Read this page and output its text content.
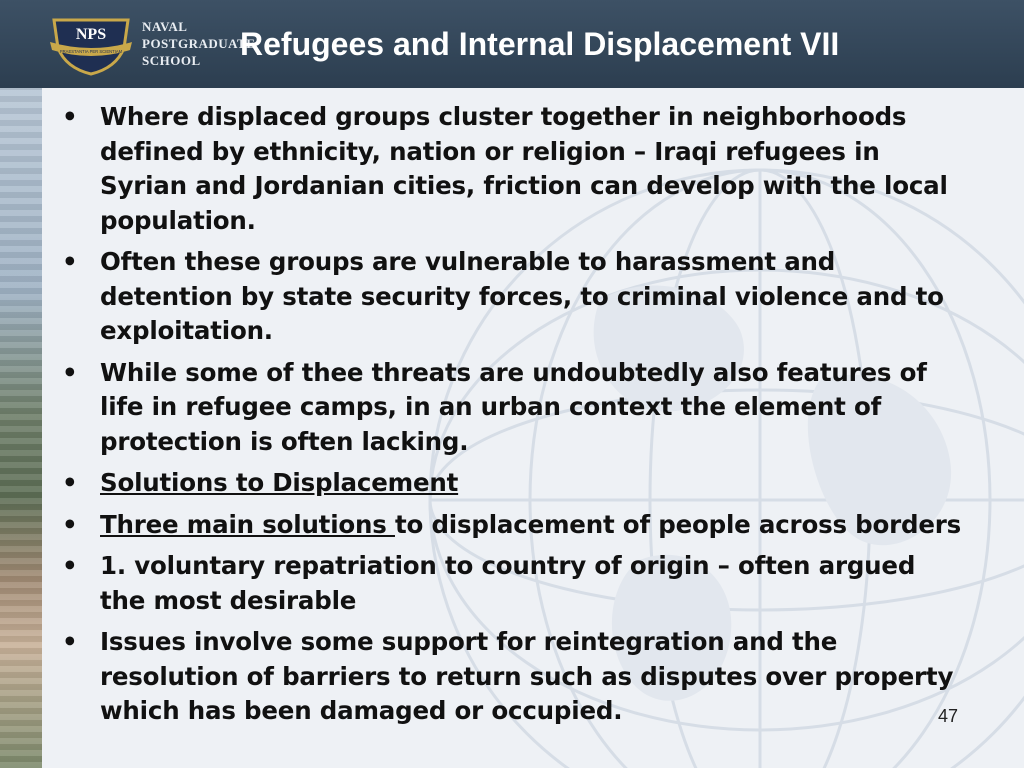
NPS
PRAESTANTIA PER SCIENTIAM
NAVAL
POSTGRADUATE
SCHOOL	Refugees and Internal Displacement VII
• Where displaced groups cluster together in neighborhoods defined by ethnicity, nation or religion – Iraqi refugees in Syrian and Jordanian cities, friction can develop with the local population.
• Often these groups are vulnerable to harassment and detention by state security forces, to criminal violence and to exploitation.
• While some of thee threats are undoubtedly also features of life in refugee camps, in an urban context the element of protection is often lacking.
• Solutions to Displacement
• Three main solutions to displacement of people across borders
• 1. voluntary repatriation to country of origin – often argued the most desirable
• Issues involve some support for reintegration and the resolution of barriers to return such as disputes over property which has been damaged or occupied.	47
